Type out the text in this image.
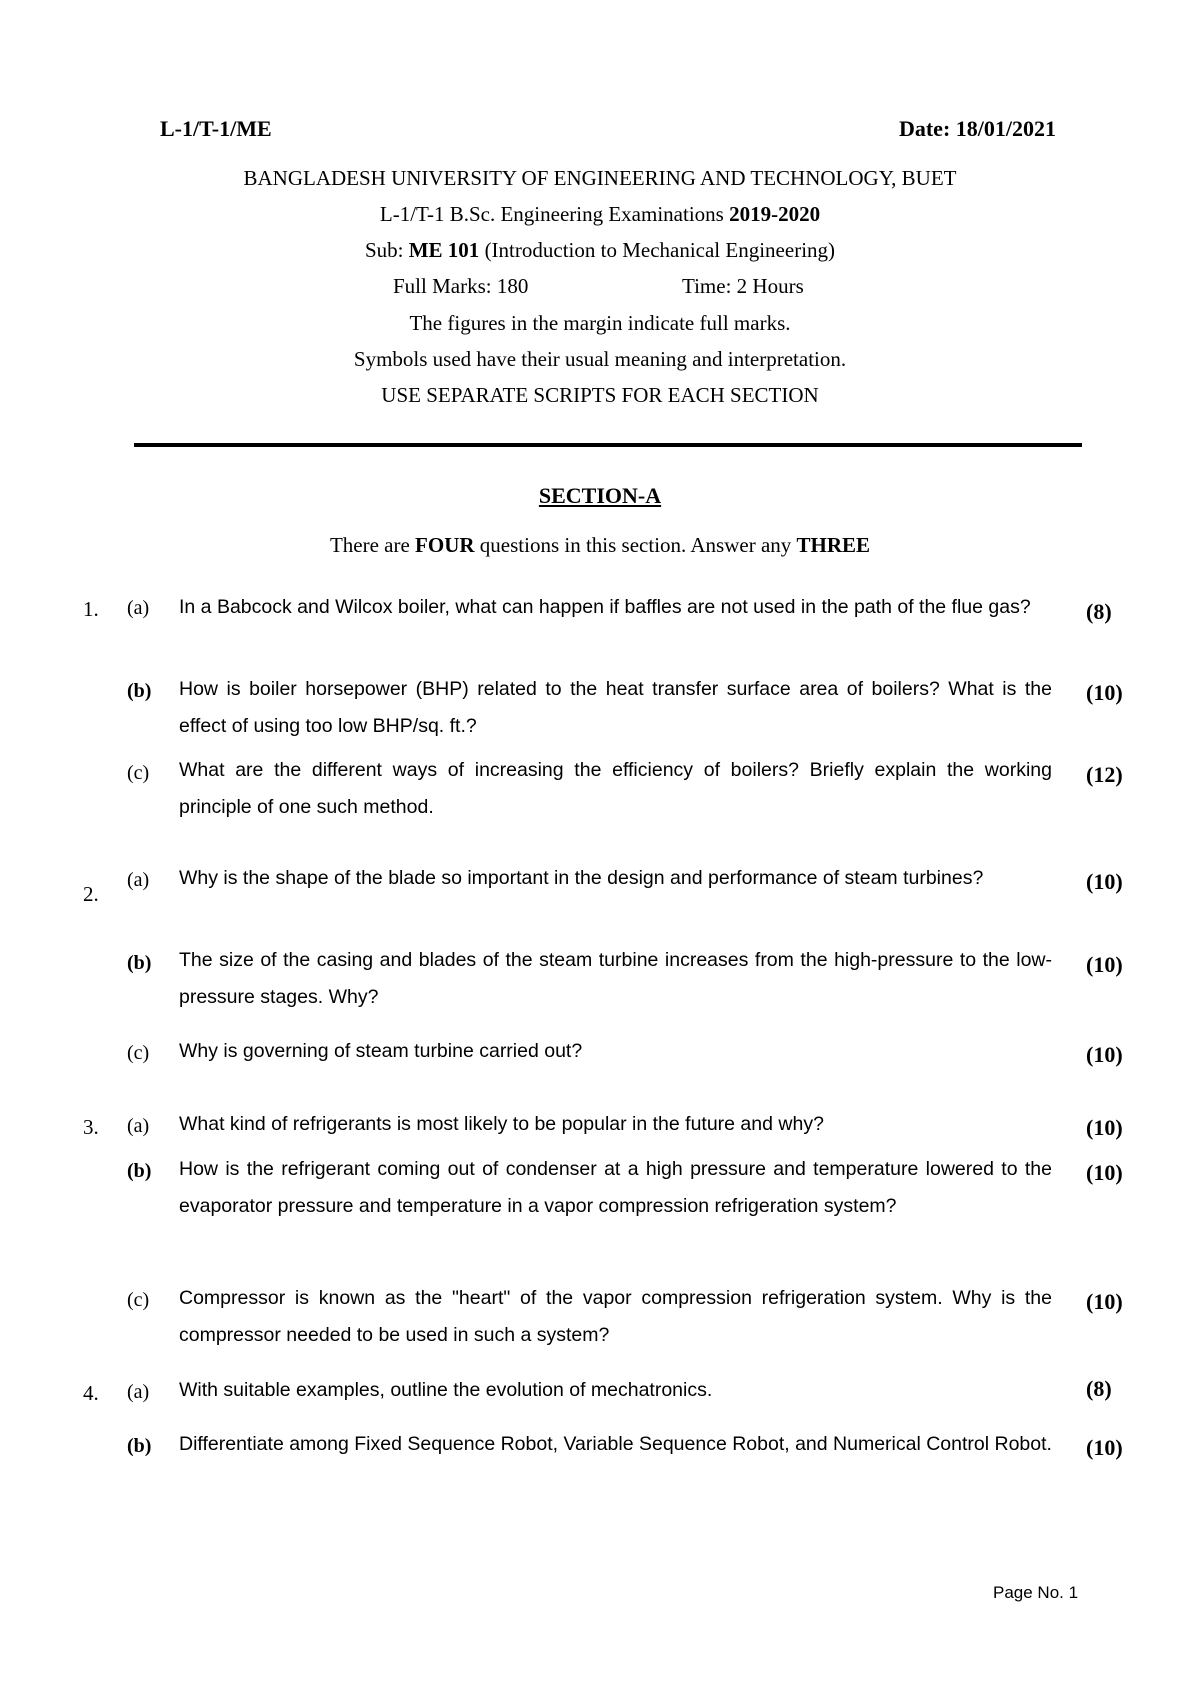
L-1/T-1/ME	Date: 18/01/2021
BANGLADESH UNIVERSITY OF ENGINEERING AND TECHNOLOGY, BUET
L-1/T-1 B.Sc. Engineering Examinations 2019-2020
Sub: ME 101 (Introduction to Mechanical Engineering)
Full Marks: 180	Time: 2 Hours
The figures in the margin indicate full marks.
Symbols used have their usual meaning and interpretation.
USE SEPARATE SCRIPTS FOR EACH SECTION
SECTION-A
There are FOUR questions in this section. Answer any THREE
1. (a) In a Babcock and Wilcox boiler, what can happen if baffles are not used in the path of the flue gas?	(8)
(b) How is boiler horsepower (BHP) related to the heat transfer surface area of boilers? What is the effect of using too low BHP/sq. ft.?
(10)
(c) What are the different ways of increasing the efficiency of boilers? Briefly explain the working principle of one such method.
(12)
2.
(a) Why is the shape of the blade so important in the design and performance of steam turbines?	(10)
(b) The size of the casing and blades of the steam turbine increases from the high-pressure to the low-pressure stages. Why?
(10)
(c) Why is governing of steam turbine carried out?	(10)
3. (a) What kind of refrigerants is most likely to be popular in the future and why?	(10)
(b) How is the refrigerant coming out of condenser at a high pressure and temperature lowered to the evaporator pressure and temperature in a vapor compression refrigeration system?
(10)
(c) Compressor is known as the "heart" of the vapor compression refrigeration system. Why is the compressor needed to be used in such a system?
(10)
4. (a) With suitable examples, outline the evolution of mechatronics.	(8)
(b) Differentiate among Fixed Sequence Robot, Variable Sequence Robot, and Numerical Control Robot. (10)
Page No. 1
